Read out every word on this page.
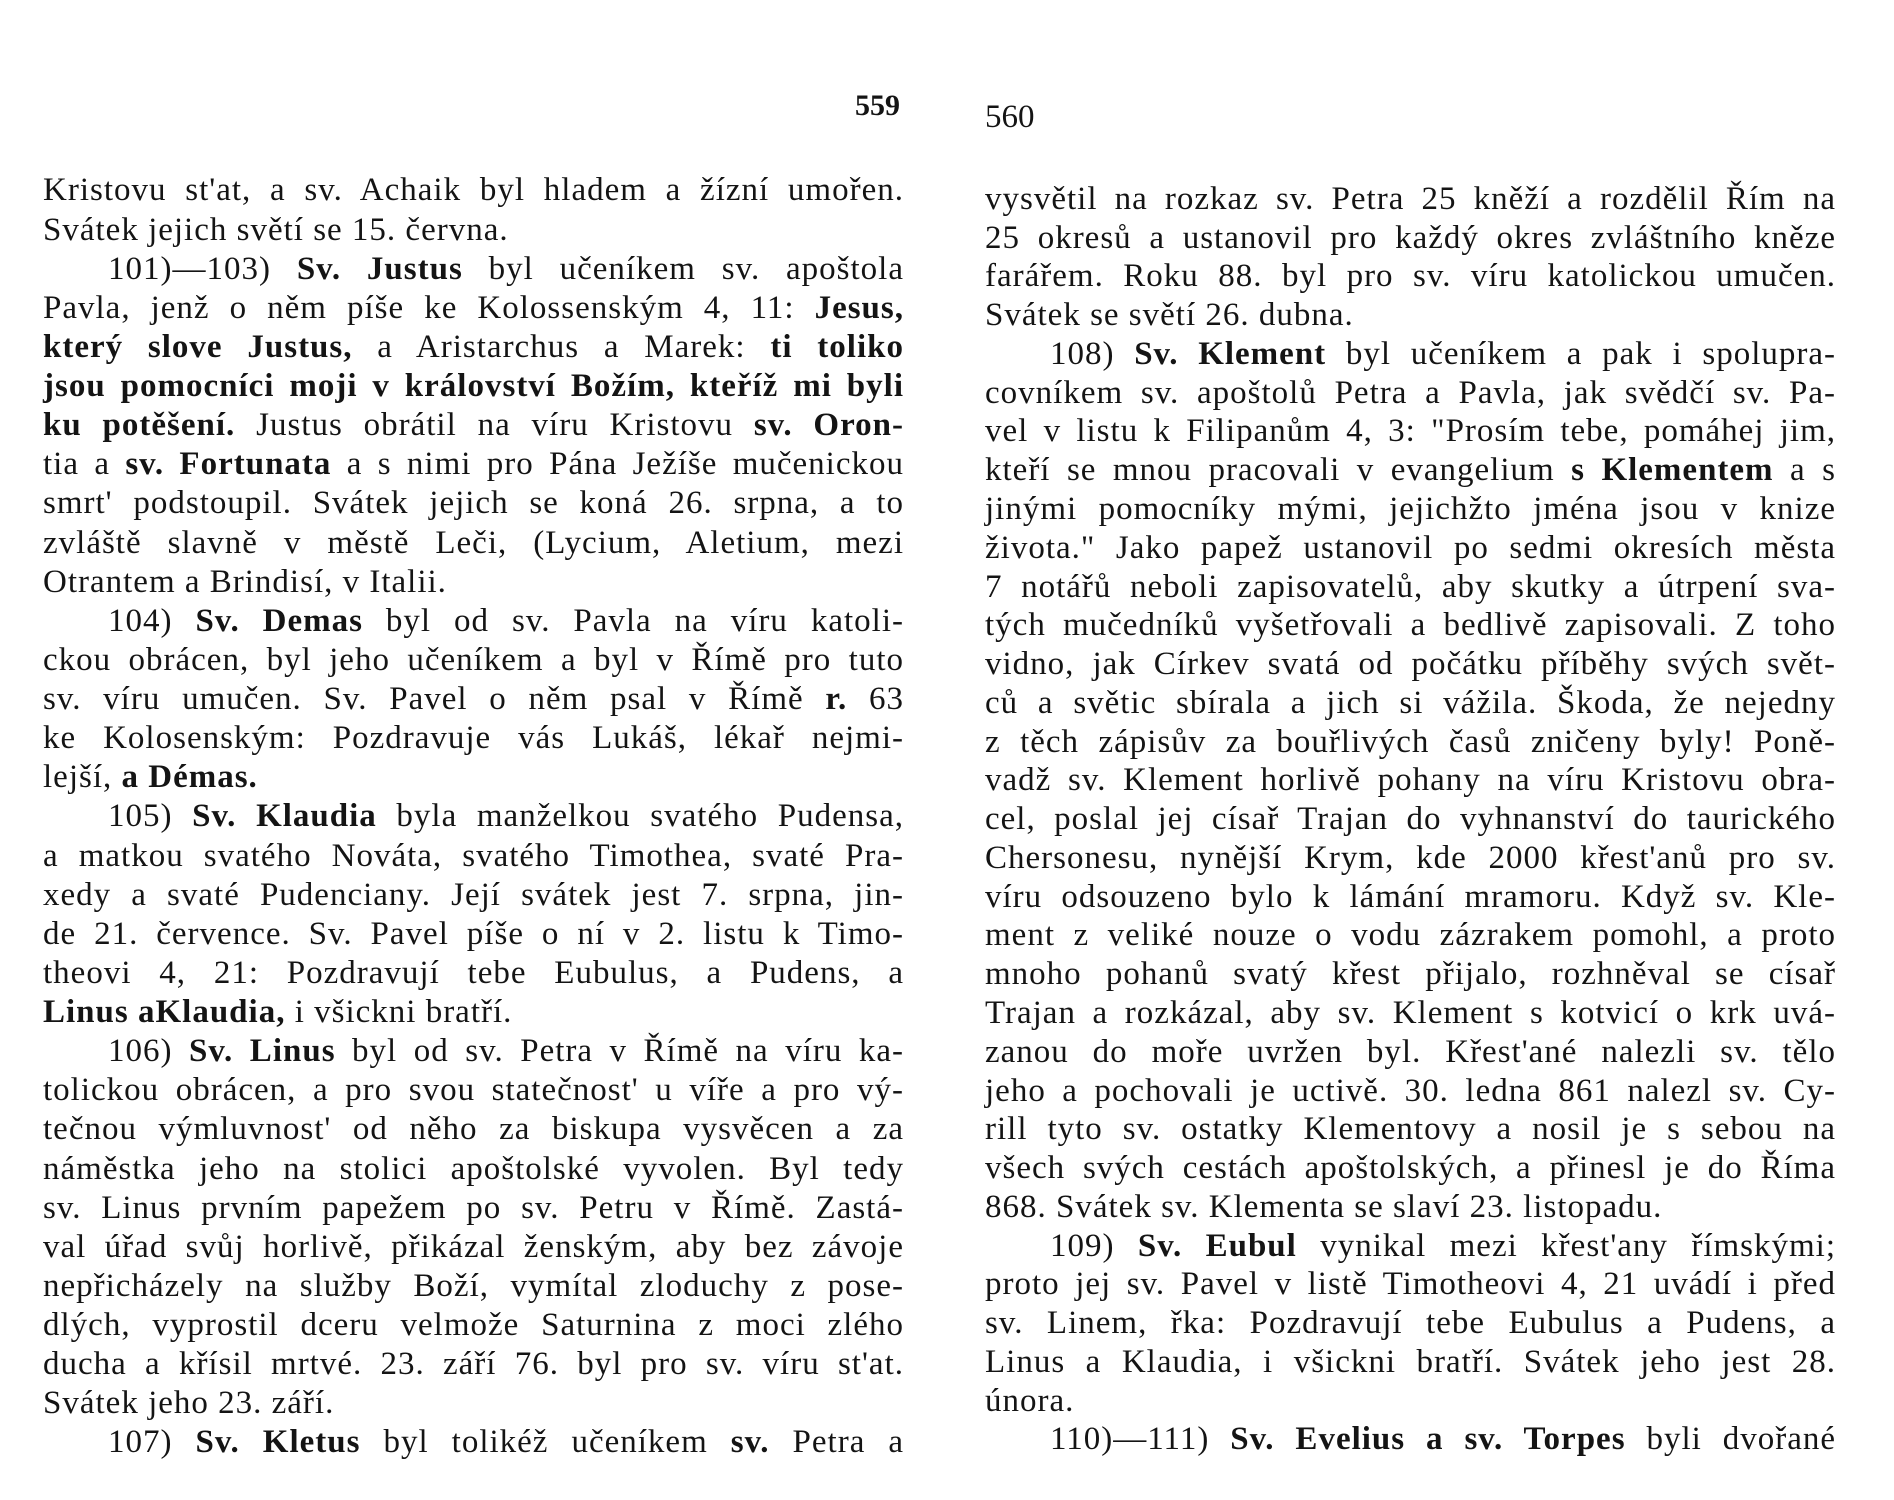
559
Kristovu st'at, a sv. Achaik byl hladem a žízní umořen.
Svátek jejich světí se 15. června.
101)—103) Sv. Justus byl učeníkem sv. apoštola
Pavla, jenž o něm píše ke Kolossenským 4, 11: Jesus,
který slove Justus, a Aristarchus a Marek: ti toliko
jsou pomocníci moji v království Božím, kteříž mi byli
ku potěšení. Justus obrátil na víru Kristovu sv. Oron-
tia a sv. Fortunata a s nimi pro Pána Ježíše mučenickou
smrt' podstoupil. Svátek jejich se koná 26. srpna, a to
zvláště slavně v městě Leči, (Lycium, Aletium, mezi
Otrantem a Brindisí, v Italii.
104) Sv. Demas byl od sv. Pavla na víru katoli-
ckou obrácen, byl jeho učeníkem a byl v Římě pro tuto
sv. víru umučen. Sv. Pavel o něm psal v Římě r. 63
ke Kolosenským: Pozdravuje vás Lukáš, lékař nejmi-
lejší, a Démas.
105) Sv. Klaudia byla manželkou svatého Pudensa,
a matkou svatého Nováta, svatého Timothea, svaté Pra-
xedy a svaté Pudenciany. Její svátek jest 7. srpna, jin-
de 21. července. Sv. Pavel píše o ní v 2. listu k Timo-
theovi 4, 21: Pozdravují tebe Eubulus, a Pudens, a
Linus aKlaudia, i všickni bratří.
106) Sv. Linus byl od sv. Petra v Římě na víru ka-
tolickou obrácen, a pro svou statečnost' u víře a pro vý-
tečnou výmluvnost' od něho za biskupa vysvěcen a za
náměstka jeho na stolici apoštolské vyvolen. Byl tedy
sv. Linus prvním papežem po sv. Petru v Římě. Zastá-
val úřad svůj horlivě, přikázal ženským, aby bez závoje
nepřicházely na služby Boží, vymítal zloduchy z pose-
dlých, vyprostil dceru velmože Saturnina z moci zlého
ducha a křísil mrtvé. 23. září 76. byl pro sv. víru st'at.
Svátek jeho 23. září.
107) Sv. Kletus byl tolikéž učeníkem sv. Petra a
560
vysvětil na rozkaz sv. Petra 25 kněží a rozdělil Řím na
25 okresů a ustanovil pro každý okres zvláštního kněze
farářem. Roku 88. byl pro sv. víru katolickou umučen.
Svátek se světí 26. dubna.
108) Sv. Klement byl učeníkem a pak i spolupra-
covníkem sv. apoštolů Petra a Pavla, jak svědčí sv. Pa-
vel v listu k Filipanům 4, 3: "Prosím tebe, pomáhej jim,
kteří se mnou pracovali v evangelium s Klementem a s
jinými pomocníky mými, jejichžto jména jsou v knize
života." Jako papež ustanovil po sedmi okresích města
7 notářů neboli zapisovatelů, aby skutky a útrpení sva-
tých mučedníků vyšetřovali a bedlivě zapisovali. Z toho
vidno, jak Církev svatá od počátku příběhy svých svět-
ců a světic sbírala a jich si vážila. Škoda, že nejedny
z těch zápisův za bouřlivých časů zničeny byly! Poně-
vadž sv. Klement horlivě pohany na víru Kristovu obra-
cel, poslal jej císař Trajan do vyhnanství do taurického
Chersonesu, nynější Krym, kde 2000 křest'anů pro sv.
víru odsouzeno bylo k lámání mramoru. Když sv. Kle-
ment z veliké nouze o vodu zázrakem pomohl, a proto
mnoho pohanů svatý křest přijalo, rozhněval se císař
Trajan a rozkázal, aby sv. Klement s kotvicí o krk uvá-
zanou do moře uvržen byl. Křest'ané nalezli sv. tělo
jeho a pochovali je uctivě. 30. ledna 861 nalezl sv. Cy-
rill tyto sv. ostatky Klementovy a nosil je s sebou na
všech svých cestách apoštolských, a přinesl je do Říma
868. Svátek sv. Klementa se slaví 23. listopadu.
109) Sv. Eubul vynikal mezi křest'any římskými;
proto jej sv. Pavel v listě Timotheovi 4, 21 uvádí i před
sv. Linem, řka: Pozdravují tebe Eubulus a Pudens, a
Linus a Klaudia, i všickni bratří. Svátek jeho jest 28.
února.
110)—111) Sv. Evelius a sv. Torpes byli dvořané
